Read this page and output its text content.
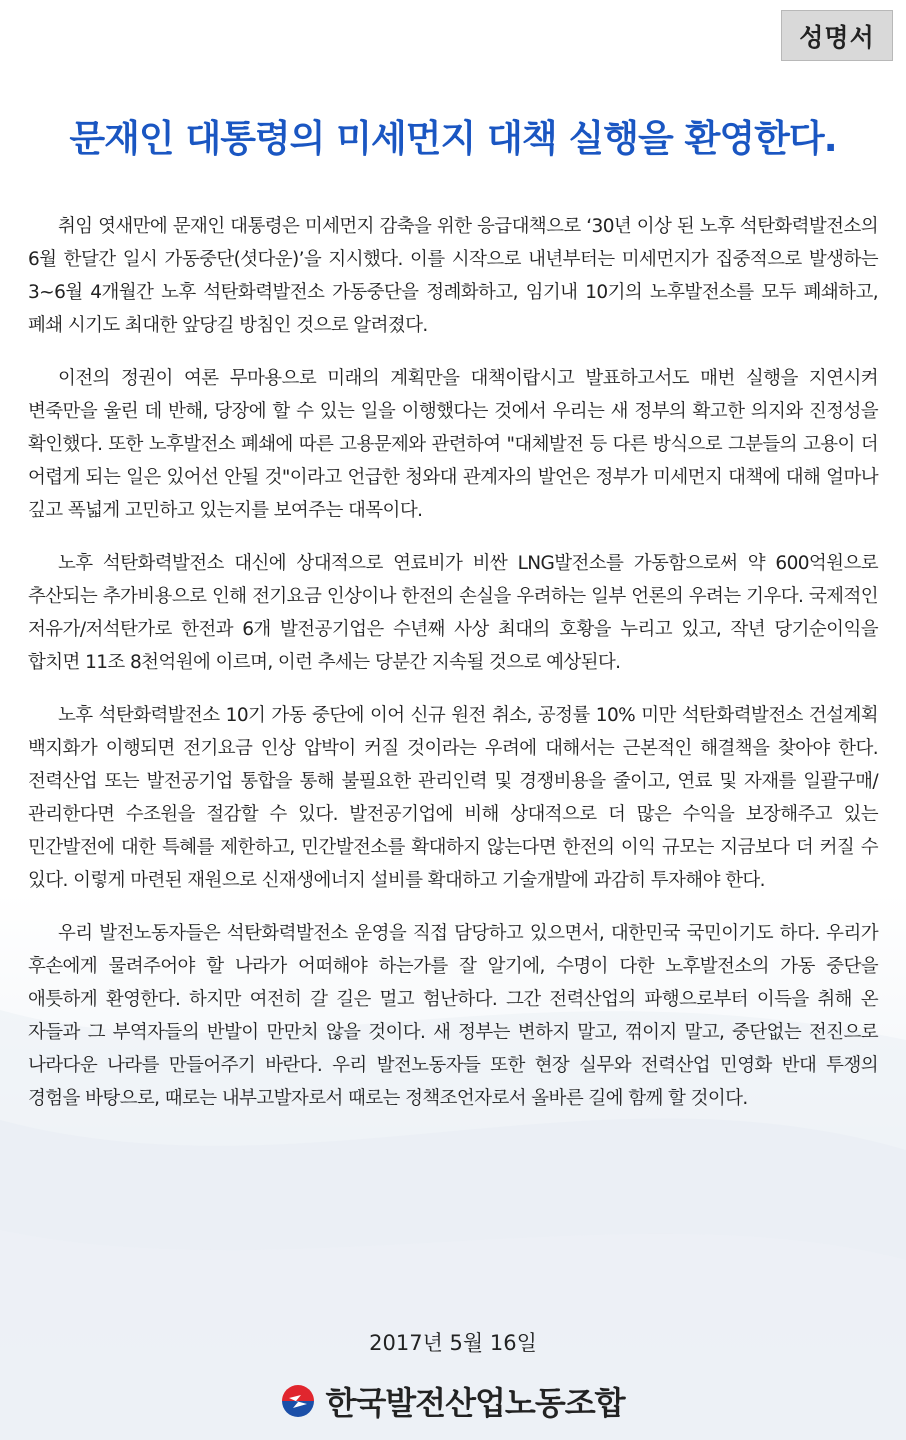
성명서
문재인 대통령의 미세먼지 대책 실행을 환영한다.

취임 엿새만에 문재인 대통령은 미세먼지 감축을 위한 응급대책으로 ‘30년 이상 된 노후 석탄화력발전소의 6월 한달간 일시 가동중단(셧다운)’을 지시했다. 이를 시작으로 내년부터는 미세먼지가 집중적으로 발생하는 3~6월 4개월간 노후 석탄화력발전소 가동중단을 정례화하고, 임기내 10기의 노후발전소를 모두 폐쇄하고, 폐쇄 시기도 최대한 앞당길 방침인 것으로 알려졌다.

이전의 정권이 여론 무마용으로 미래의 계획만을 대책이랍시고 발표하고서도 매번 실행을 지연시켜 변죽만을 울린 데 반해, 당장에 할 수 있는 일을 이행했다는 것에서 우리는 새 정부의 확고한 의지와 진정성을 확인했다. 또한 노후발전소 폐쇄에 따른 고용문제와 관련하여 "대체발전 등 다른 방식으로 그분들의 고용이 더 어렵게 되는 일은 있어선 안될 것"이라고 언급한 청와대 관계자의 발언은 정부가 미세먼지 대책에 대해 얼마나 깊고 폭넓게 고민하고 있는지를 보여주는 대목이다.

노후 석탄화력발전소 대신에 상대적으로 연료비가 비싼 LNG발전소를 가동함으로써 약 600억원으로 추산되는 추가비용으로 인해 전기요금 인상이나 한전의 손실을 우려하는 일부 언론의 우려는 기우다. 국제적인 저유가/저석탄가로 한전과 6개 발전공기업은 수년째 사상 최대의 호황을 누리고 있고, 작년 당기순이익을 합치면 11조 8천억원에 이르며, 이런 추세는 당분간 지속될 것으로 예상된다.

노후 석탄화력발전소 10기 가동 중단에 이어 신규 원전 취소, 공정률 10% 미만 석탄화력발전소 건설계획 백지화가 이행되면 전기요금 인상 압박이 커질 것이라는 우려에 대해서는 근본적인 해결책을 찾아야 한다. 전력산업 또는 발전공기업 통합을 통해 불필요한 관리인력 및 경쟁비용을 줄이고, 연료 및 자재를 일괄구매/관리한다면 수조원을 절감할 수 있다. 발전공기업에 비해 상대적으로 더 많은 수익을 보장해주고 있는 민간발전에 대한 특혜를 제한하고, 민간발전소를 확대하지 않는다면 한전의 이익 규모는 지금보다 더 커질 수 있다. 이렇게 마련된 재원으로 신재생에너지 설비를 확대하고 기술개발에 과감히 투자해야 한다.

우리 발전노동자들은 석탄화력발전소 운영을 직접 담당하고 있으면서, 대한민국 국민이기도 하다. 우리가 후손에게 물려주어야 할 나라가 어떠해야 하는가를 잘 알기에, 수명이 다한 노후발전소의 가동 중단을 애틋하게 환영한다. 하지만 여전히 갈 길은 멀고 험난하다. 그간 전력산업의 파행으로부터 이득을 취해 온 자들과 그 부역자들의 반발이 만만치 않을 것이다. 새 정부는 변하지 말고, 꺾이지 말고, 중단없는 전진으로 나라다운 나라를 만들어주기 바란다. 우리 발전노동자들 또한 현장 실무와 전력산업 민영화 반대 투쟁의 경험을 바탕으로, 때로는 내부고발자로서 때로는 정책조언자로서 올바른 길에 함께 할 것이다.

2017년 5월 16일
한국발전산업노동조합
